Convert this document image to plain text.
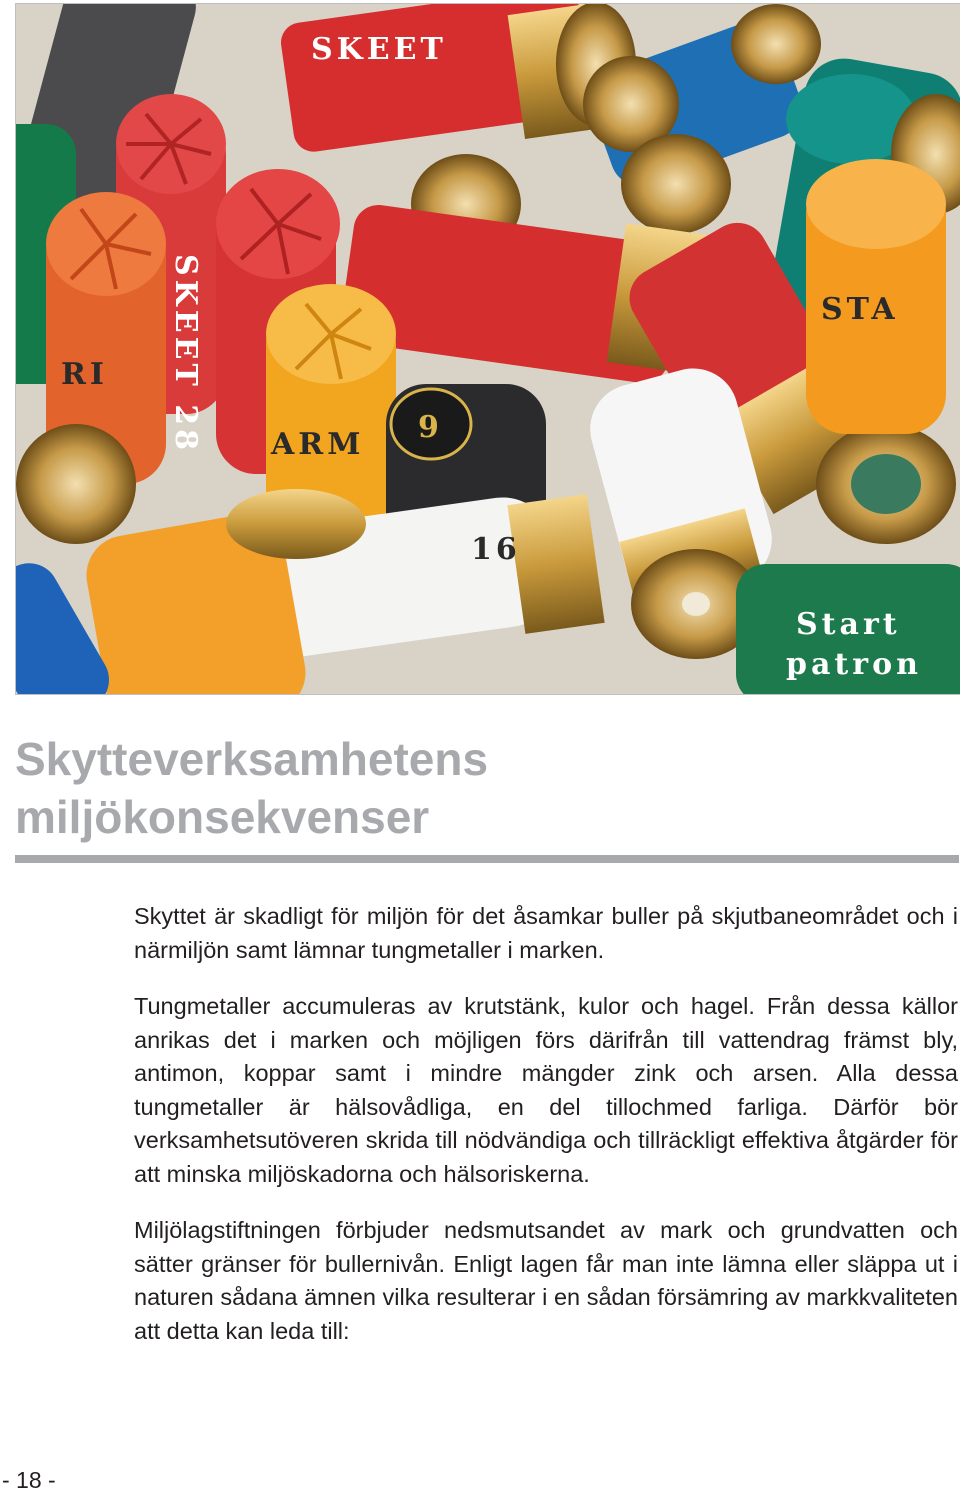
SKEET
SKEET 28
RI
STA
ARM 9
16
Start
patron
Skytteverksamhetens
miljökonsekvenser

Skyttet är skadligt för miljön för det åsamkar buller på skjutbaneområdet och i närmiljön samt lämnar tungmetaller i marken.

Tungmetaller accumuleras av krutstänk, kulor och hagel. Från dessa källor anrikas det i marken och möjligen förs därifrån till vattendrag främst bly, antimon, koppar samt i mindre mängder zink och arsen. Alla dessa tungmetaller är hälsovådliga, en del tillochmed farliga. Därför bör verksamhetsutöveren skrida till nödvändiga och tillräckligt effektiva åtgärder för att minska miljöskadorna och hälsoriskerna.

Miljölagstiftningen förbjuder nedsmutsandet av mark och grundvatten och sätter gränser för bullernivån. Enligt lagen får man inte lämna eller släppa ut i naturen sådana ämnen vilka resulterar i en sådan försämring av markkvaliteten att detta kan leda till:

- 18 -
